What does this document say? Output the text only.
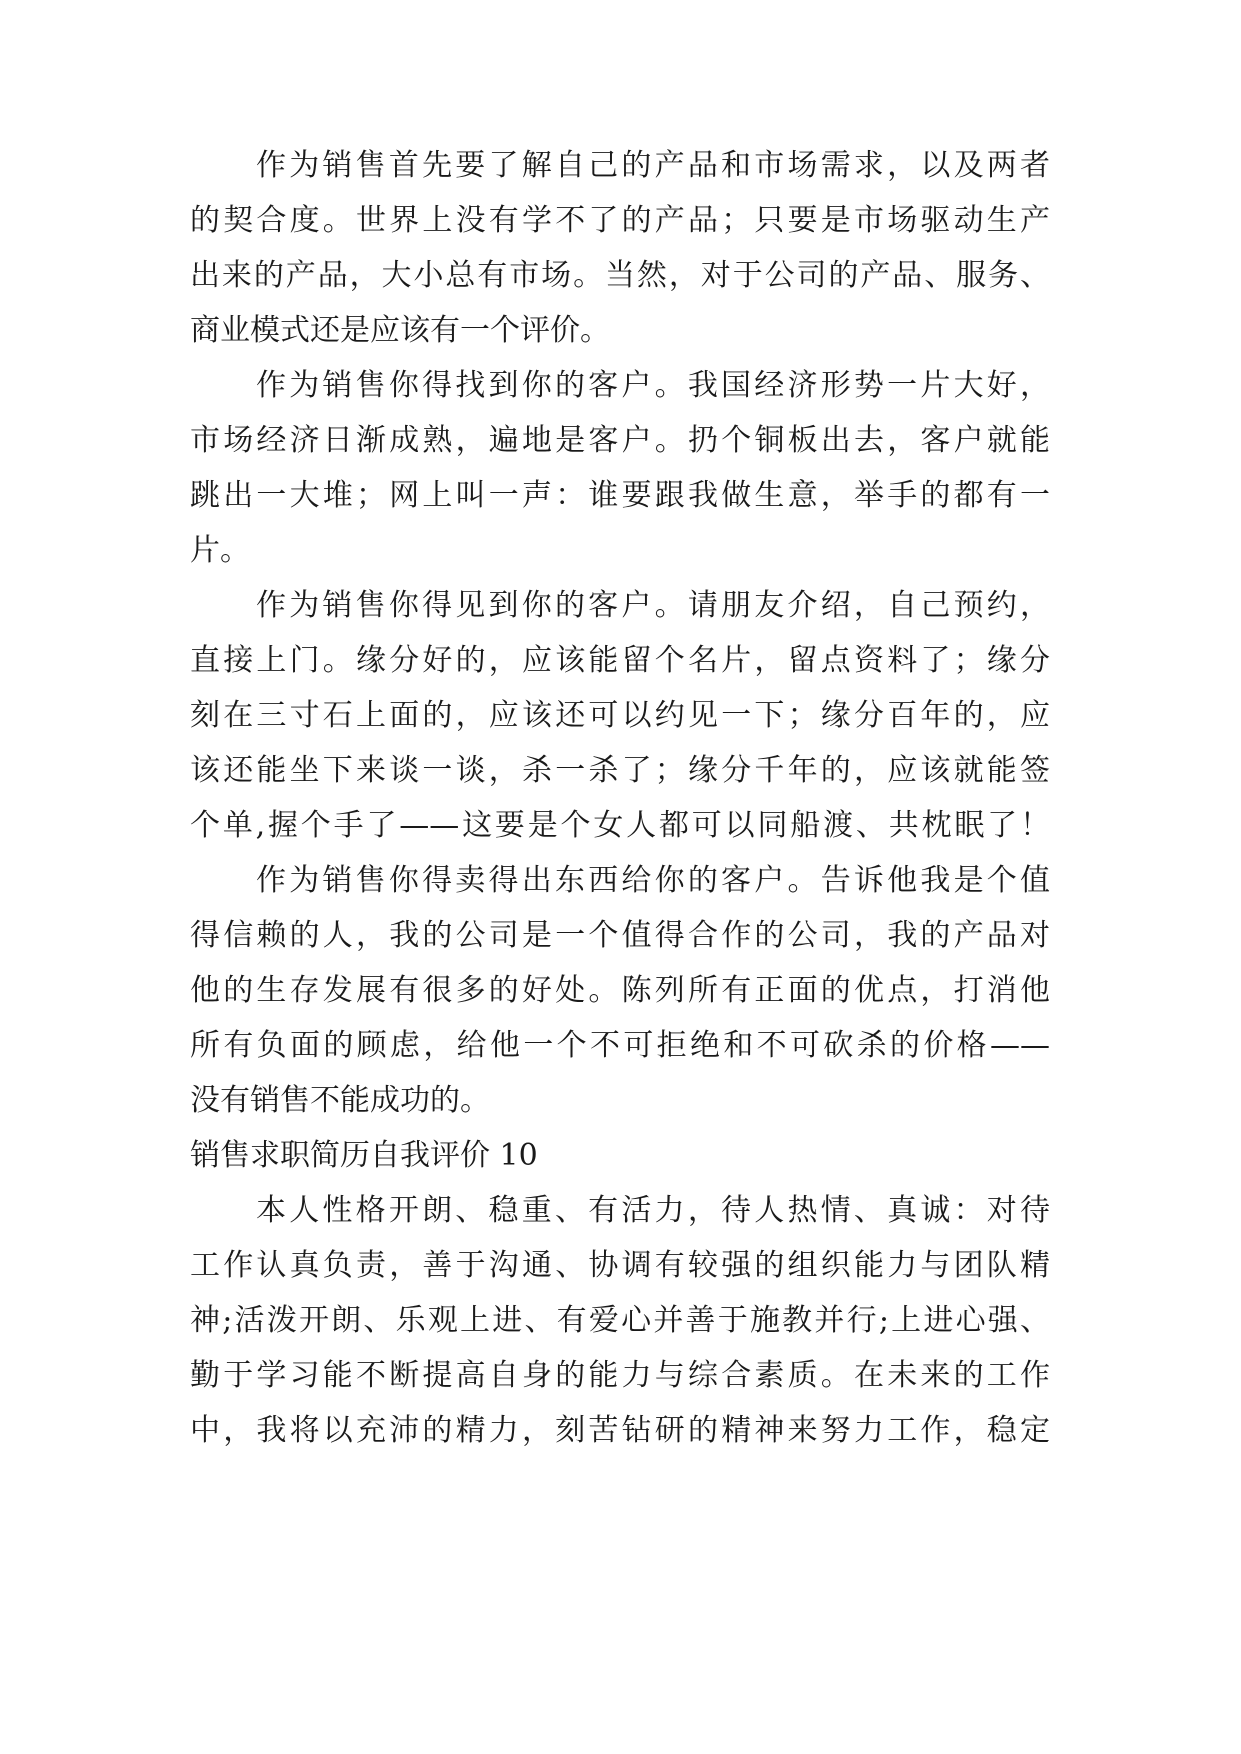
作为销售首先要了解自己的产品和市场需求，以及两者
的契合度。世界上没有学不了的产品；只要是市场驱动生产
出来的产品，大小总有市场。当然，对于公司的产品、服务、
商业模式还是应该有一个评价。
作为销售你得找到你的客户。我国经济形势一片大好，
市场经济日渐成熟，遍地是客户。扔个铜板出去，客户就能
跳出一大堆；网上叫一声：谁要跟我做生意，举手的都有一
片。
作为销售你得见到你的客户。请朋友介绍，自己预约，
直接上门。缘分好的，应该能留个名片，留点资料了；缘分
刻在三寸石上面的，应该还可以约见一下；缘分百年的，应
该还能坐下来谈一谈，杀一杀了；缘分千年的，应该就能签
个单,握个手了——这要是个女人都可以同船渡、共枕眠了！
作为销售你得卖得出东西给你的客户。告诉他我是个值
得信赖的人，我的公司是一个值得合作的公司，我的产品对
他的生存发展有很多的好处。陈列所有正面的优点，打消他
所有负面的顾虑，给他一个不可拒绝和不可砍杀的价格——
没有销售不能成功的。
销售求职简历自我评价 10
本人性格开朗、稳重、有活力，待人热情、真诚：对待
工作认真负责，善于沟通、协调有较强的组织能力与团队精
神;活泼开朗、乐观上进、有爱心并善于施教并行;上进心强、
勤于学习能不断提高自身的能力与综合素质。在未来的工作
中，我将以充沛的精力，刻苦钻研的精神来努力工作，稳定
